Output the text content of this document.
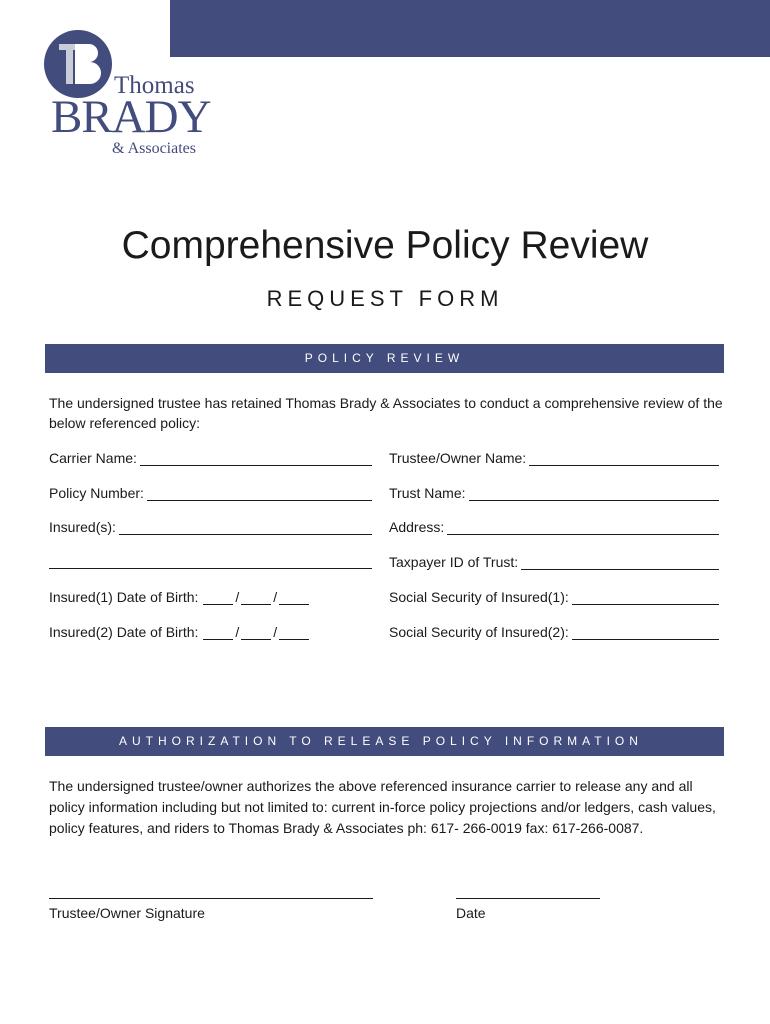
Thomas
BRADY
& Associates
Comprehensive Policy Review
REQUEST FORM
POLICY REVIEW
The undersigned trustee has retained Thomas Brady & Associates to conduct a comprehensive review of the below referenced policy:
Carrier Name:	Trustee/Owner Name:
Policy Number:	Trust Name:
Insured(s):	Address:
Taxpayer ID of Trust:
Insured(1) Date of Birth:	/ /	Social Security of Insured(1):
Insured(2) Date of Birth:	/ /	Social Security of Insured(2):
AUTHORIZATION TO RELEASE POLICY INFORMATION
The undersigned trustee/owner authorizes the above referenced insurance carrier to release any and all policy information including but not limited to: current in-force policy projections and/or ledgers, cash values, policy features, and riders to Thomas Brady & Associates ph: 617- 266-0019 fax: 617-266-0087.
Trustee/Owner Signature	Date
